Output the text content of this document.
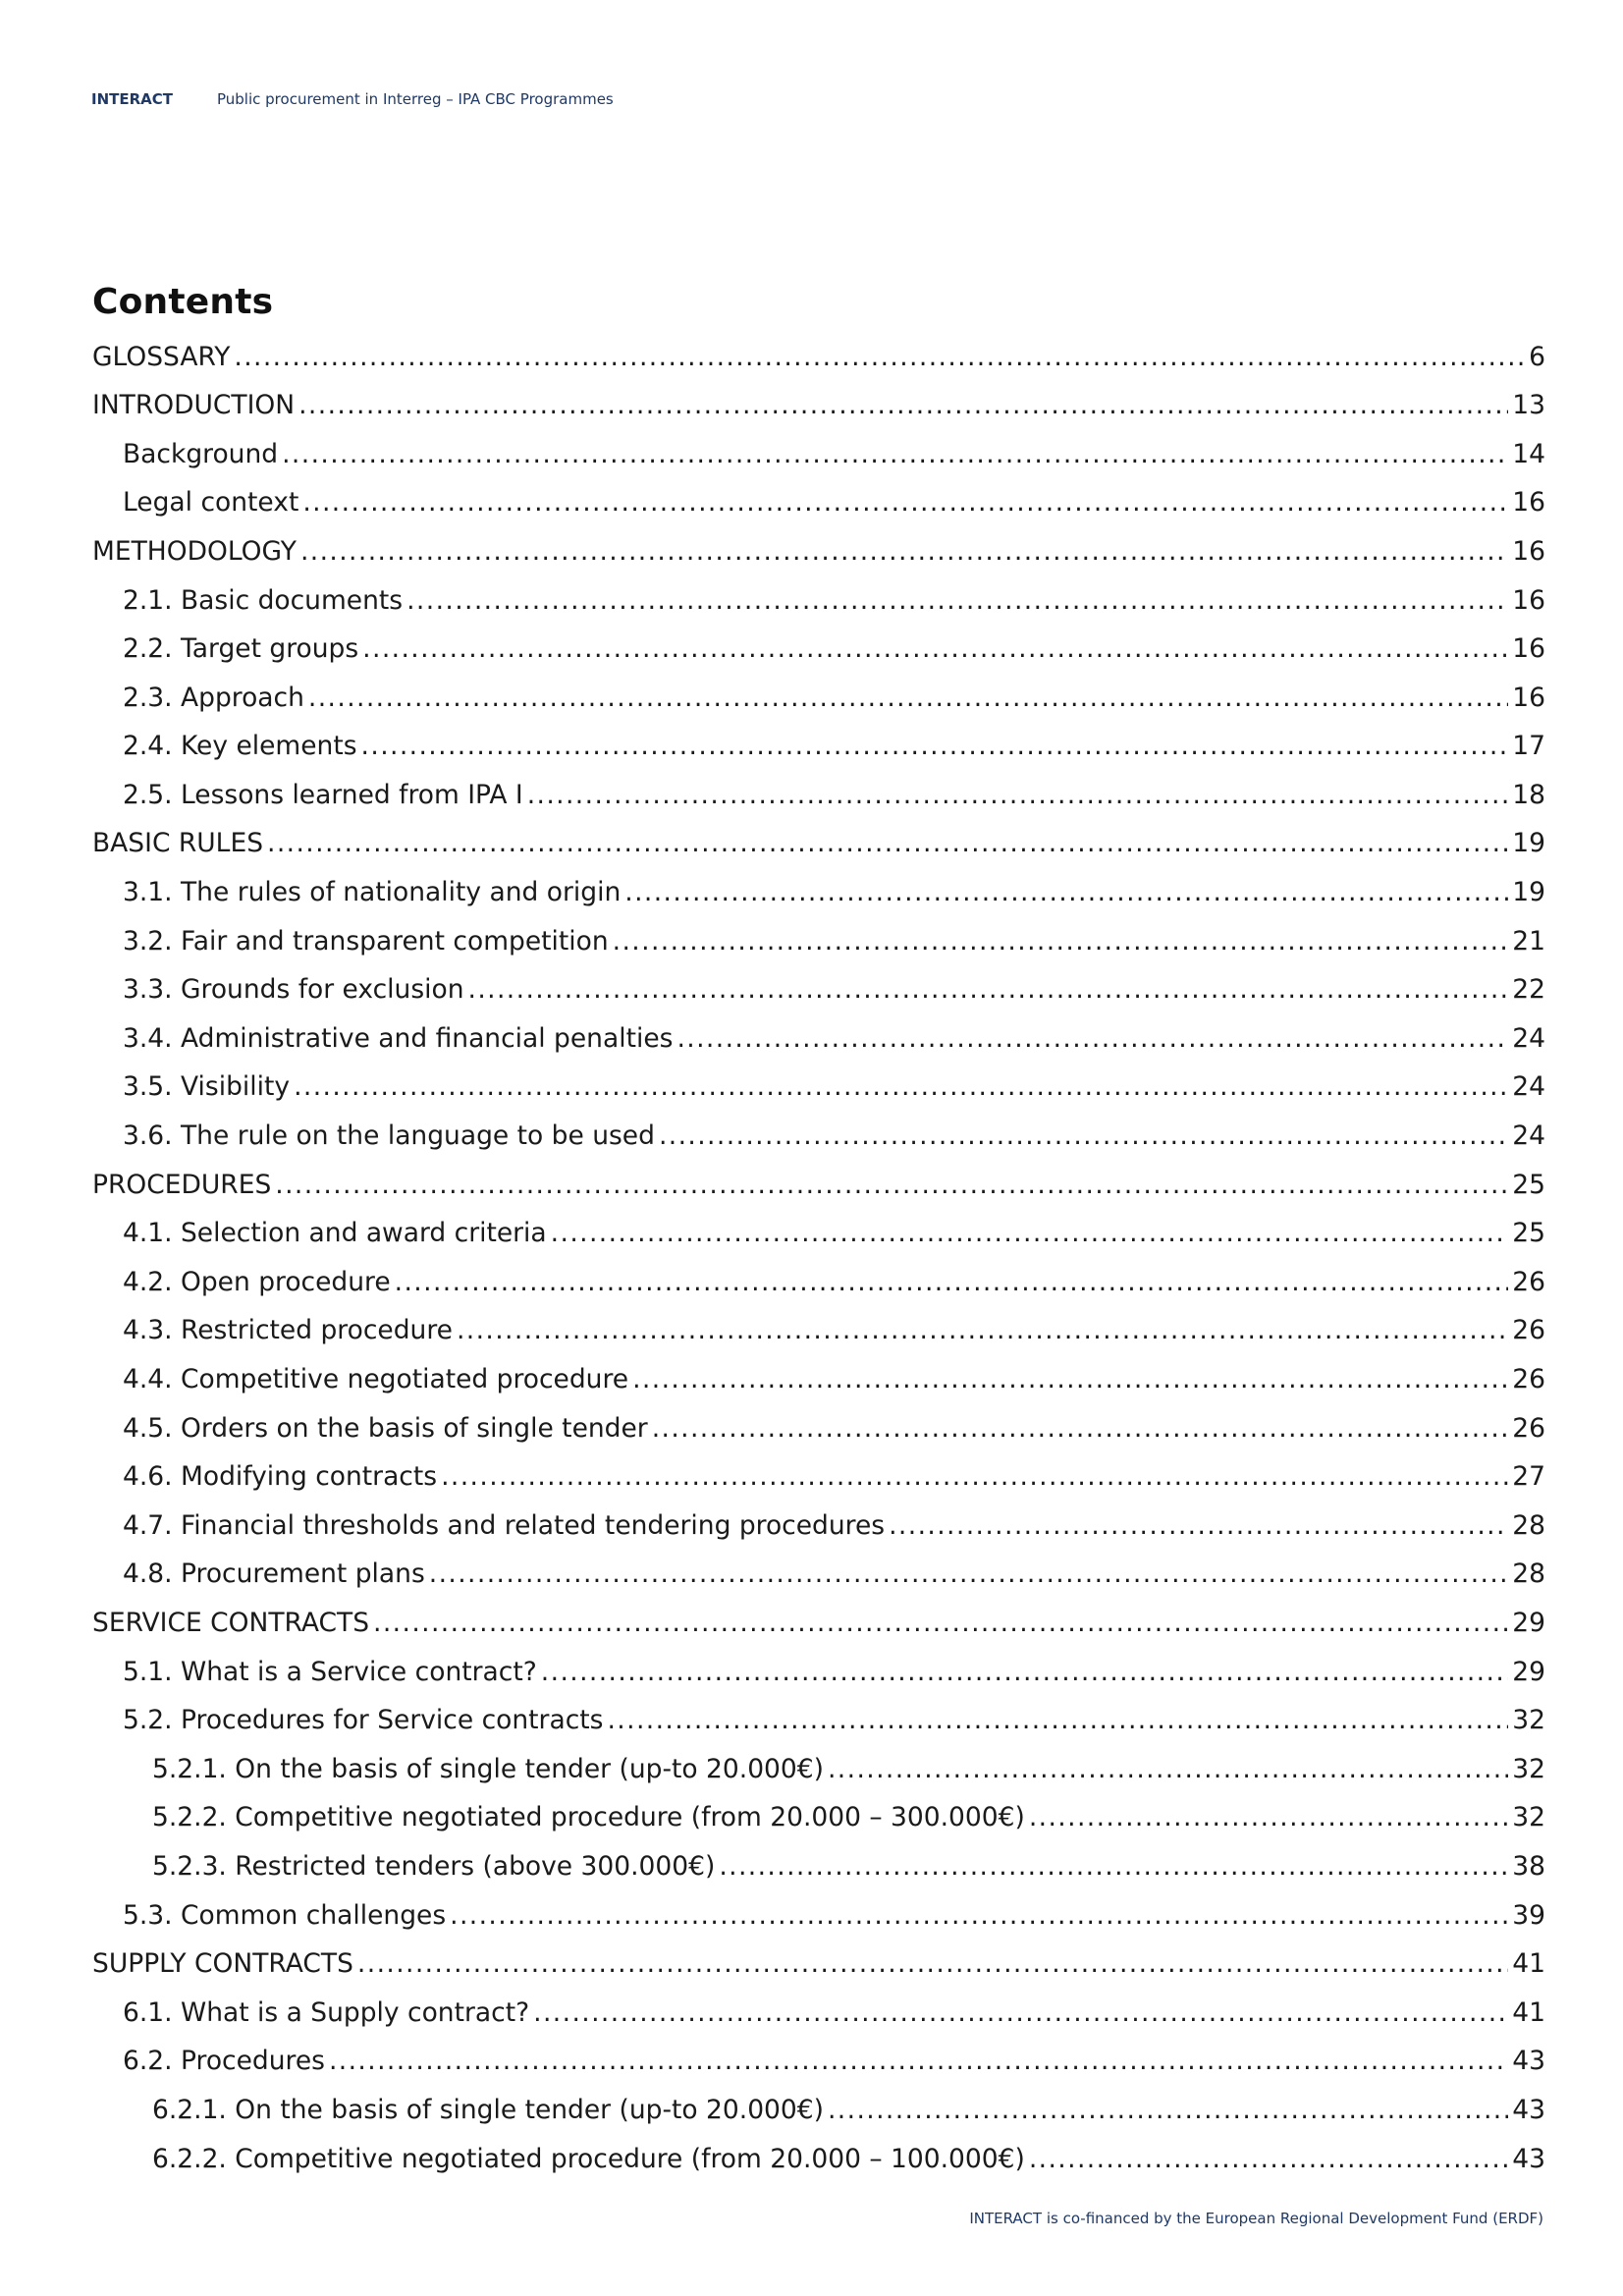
INTERACT	Public procurement in Interreg – IPA CBC Programmes
Contents
GLOSSARY .....	6
INTRODUCTION .....	13
Background .....	14
Legal context .....	16
METHODOLOGY .....	16
2.1. Basic documents .....	16
2.2. Target groups .....	16
2.3. Approach .....	16
2.4. Key elements .....	17
2.5. Lessons learned from IPA I .....	18
BASIC RULES .....	19
3.1. The rules of nationality and origin .....	19
3.2. Fair and transparent competition .....	21
3.3. Grounds for exclusion .....	22
3.4. Administrative and financial penalties .....	24
3.5. Visibility .....	24
3.6. The rule on the language to be used .....	24
PROCEDURES .....	25
4.1. Selection and award criteria .....	25
4.2. Open procedure .....	26
4.3. Restricted procedure .....	26
4.4. Competitive negotiated procedure .....	26
4.5. Orders on the basis of single tender .....	26
4.6. Modifying contracts .....	27
4.7. Financial thresholds and related tendering procedures .....	28
4.8. Procurement plans .....	28
SERVICE CONTRACTS .....	29
5.1. What is a Service contract? .....	29
5.2. Procedures for Service contracts .....	32
5.2.1. On the basis of single tender (up-to 20.000€) .....	32
5.2.2. Competitive negotiated procedure (from 20.000 – 300.000€) .....	32
5.2.3. Restricted tenders (above 300.000€) .....	38
5.3. Common challenges .....	39
SUPPLY CONTRACTS .....	41
6.1. What is a Supply contract? .....	41
6.2. Procedures .....	43
6.2.1. On the basis of single tender (up-to 20.000€) .....	43
6.2.2. Competitive negotiated procedure (from 20.000 – 100.000€) .....	43
INTERACT is co-financed by the European Regional Development Fund (ERDF)
